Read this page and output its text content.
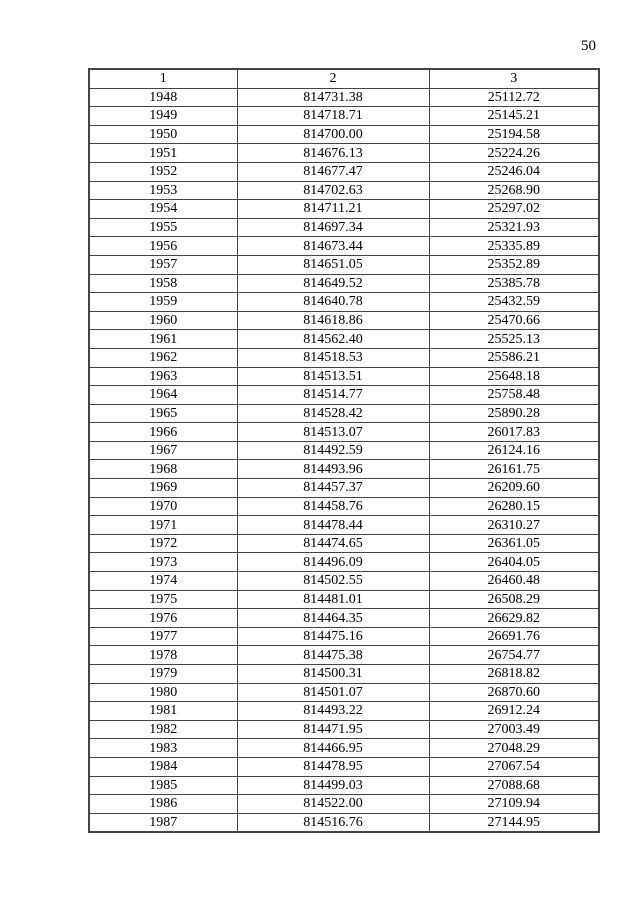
50
1	2	3
1948	814731.38	25112.72
1949	814718.71	25145.21
1950	814700.00	25194.58
1951	814676.13	25224.26
1952	814677.47	25246.04
1953	814702.63	25268.90
1954	814711.21	25297.02
1955	814697.34	25321.93
1956	814673.44	25335.89
1957	814651.05	25352.89
1958	814649.52	25385.78
1959	814640.78	25432.59
1960	814618.86	25470.66
1961	814562.40	25525.13
1962	814518.53	25586.21
1963	814513.51	25648.18
1964	814514.77	25758.48
1965	814528.42	25890.28
1966	814513.07	26017.83
1967	814492.59	26124.16
1968	814493.96	26161.75
1969	814457.37	26209.60
1970	814458.76	26280.15
1971	814478.44	26310.27
1972	814474.65	26361.05
1973	814496.09	26404.05
1974	814502.55	26460.48
1975	814481.01	26508.29
1976	814464.35	26629.82
1977	814475.16	26691.76
1978	814475.38	26754.77
1979	814500.31	26818.82
1980	814501.07	26870.60
1981	814493.22	26912.24
1982	814471.95	27003.49
1983	814466.95	27048.29
1984	814478.95	27067.54
1985	814499.03	27088.68
1986	814522.00	27109.94
1987	814516.76	27144.95
